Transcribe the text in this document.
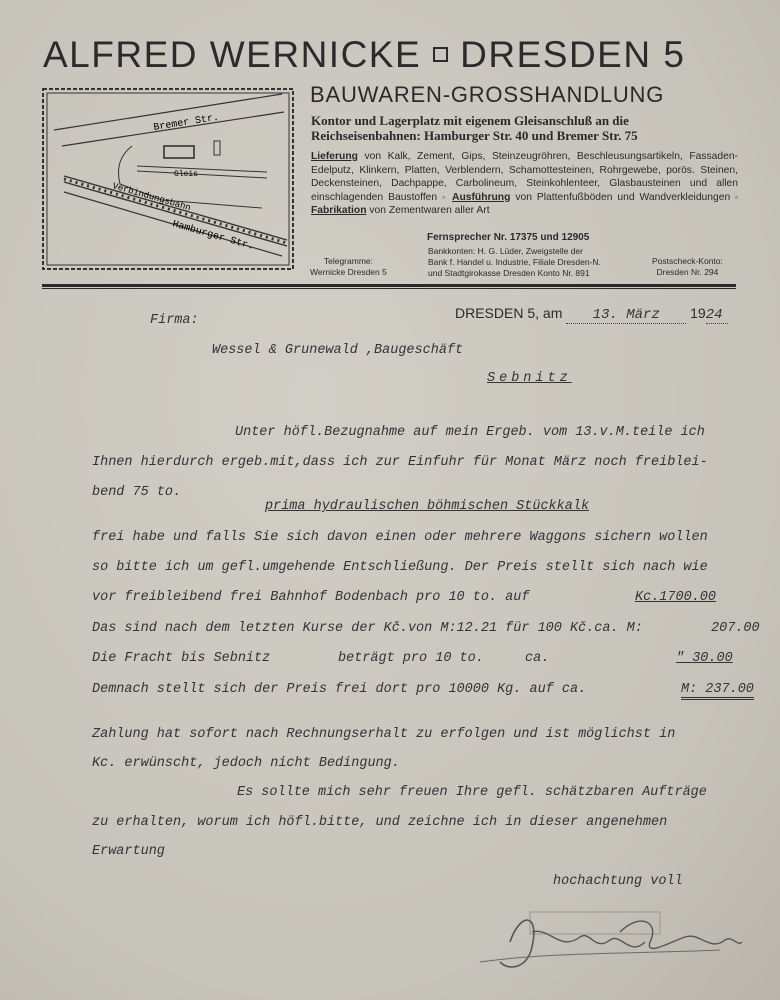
ALFRED WERNICKE DRESDEN 5
BAUWAREN-GROSSHANDLUNG
Kontor und Lagerplatz mit eigenem Gleisanschluß an die
Reichseisenbahnen: Hamburger Str. 40 und Bremer Str. 75
Lieferung von Kalk, Zement, Gips, Steinzeugröhren, Beschleusungsartikeln, Fassaden-Edelputz, Klinkern, Platten, Verblendern, Schamottesteinen, Rohrgewebe, porös. Steinen, Deckensteinen, Dachpappe, Carbolineum, Steinkohlenteer, Glasbausteinen und allen einschlagenden Baustoffen ▫ Ausführung von Plattenfußböden und Wandverkleidungen ▫ Fabrikation von Zementwaren aller Art
Bremer Str.
Gleis
Verbindungsbahn
Hamburger Str.	Fernsprecher Nr. 17375 und 12905
Telegramme:
Wernicke Dresden 5
Bankkonten: H. G. Lüder, Zweigstelle der
Bank f. Handel u. Industrie, Filiale Dresden-N.
und Stadtgirokasse Dresden Konto Nr. 891
Postscheck-Konto:
Dresden Nr. 294
Firma:	DRESDEN 5, am 13. März 1924
Wessel & Grunewald ,Baugeschäft
Sebnitz
Unter höfl.Bezugnahme auf mein Ergeb. vom 13.v.M.teile ich
Ihnen hierdurch ergeb.mit,dass ich zur Einfuhr für Monat März noch freiblei-
bend 75 to.
prima hydraulischen böhmischen Stückkalk
frei habe und falls Sie sich davon einen oder mehrere Waggons sichern wollen
so bitte ich um gefl.umgehende Entschließung. Der Preis stellt sich nach wie
vor freibleibend frei Bahnhof Bodenbach pro 10 to. auf	Kc.1700.00
Das sind nach dem letzten Kurse der Kč.von M:12.21 für 100 Kč.ca. M:	207.00
Die Fracht bis Sebnitz	beträgt pro 10 to.	ca.	" 30.00
Demnach stellt sich der Preis frei dort pro 10000 Kg. auf ca.	M: 237.00
Zahlung hat sofort nach Rechnungserhalt zu erfolgen und ist möglichst in
Kc. erwünscht, jedoch nicht Bedingung.
Es sollte mich sehr freuen Ihre gefl. schätzbaren Aufträge
zu erhalten, worum ich höfl.bitte, und zeichne ich in dieser angenehmen
Erwartung
hochachtung voll
